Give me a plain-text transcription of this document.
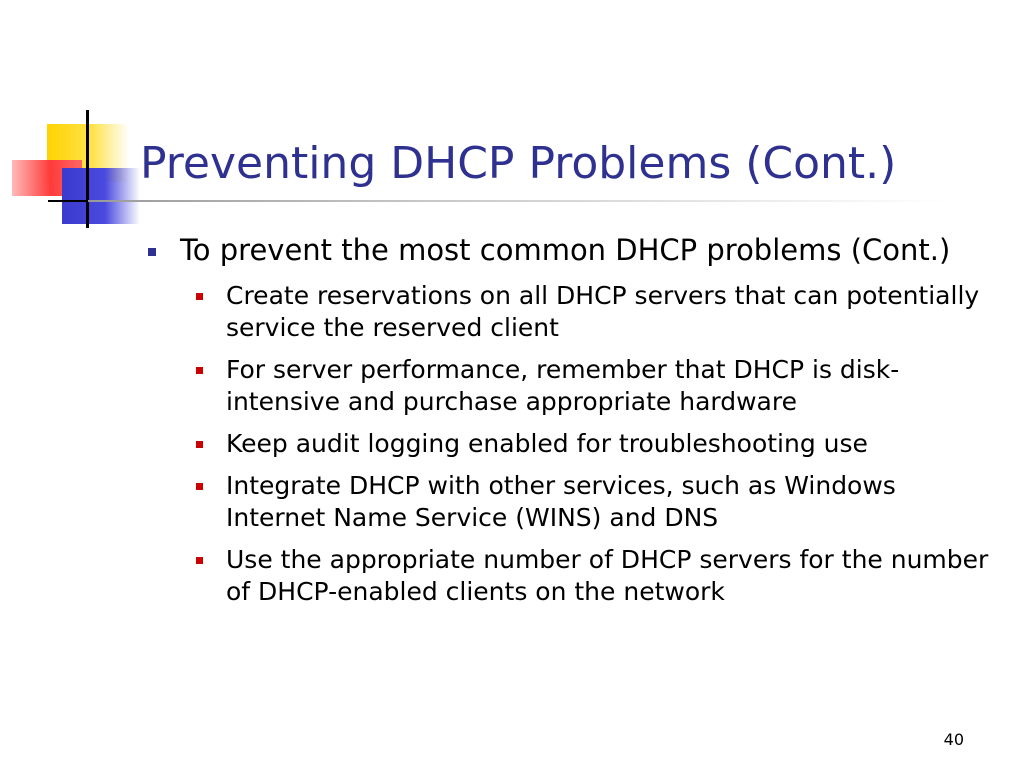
Preventing DHCP Problems (Cont.)
To prevent the most common DHCP problems (Cont.)
Create reservations on all DHCP servers that can potentially service the reserved client
For server performance, remember that DHCP is disk-intensive and purchase appropriate hardware
Keep audit logging enabled for troubleshooting use
Integrate DHCP with other services, such as Windows Internet Name Service (WINS) and DNS
Use the appropriate number of DHCP servers for the number of DHCP-enabled clients on the network
40
